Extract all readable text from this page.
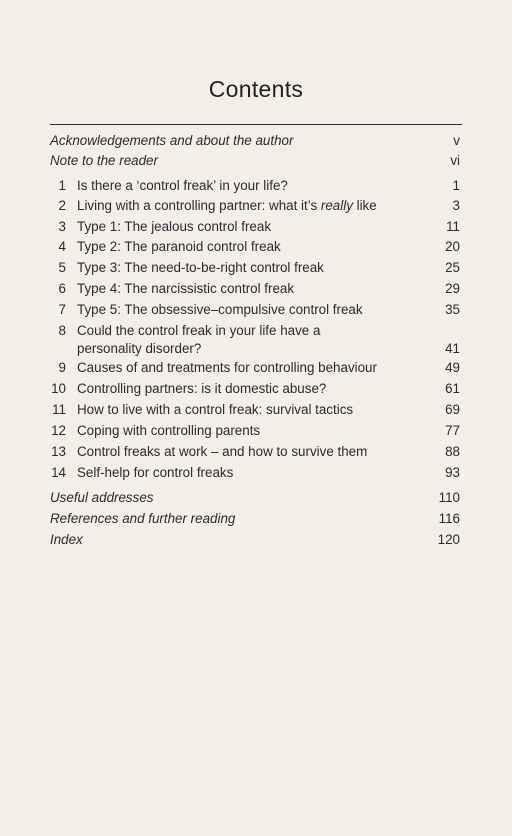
Contents
Acknowledgements and about the author	v
Note to the reader	vi
1 Is there a ‘control freak’ in your life?	1
2 Living with a controlling partner: what it’s really like	3
3 Type 1: The jealous control freak	11
4 Type 2: The paranoid control freak	20
5 Type 3: The need-to-be-right control freak	25
6 Type 4: The narcissistic control freak	29
7 Type 5: The obsessive–compulsive control freak	35
8 Could the control freak in your life have a
personality disorder?	41
9 Causes of and treatments for controlling behaviour	49
10 Controlling partners: is it domestic abuse?	61
11 How to live with a control freak: survival tactics	69
12 Coping with controlling parents	77
13 Control freaks at work – and how to survive them	88
14 Self-help for control freaks	93
Useful addresses	110
References and further reading	116
Index	120
